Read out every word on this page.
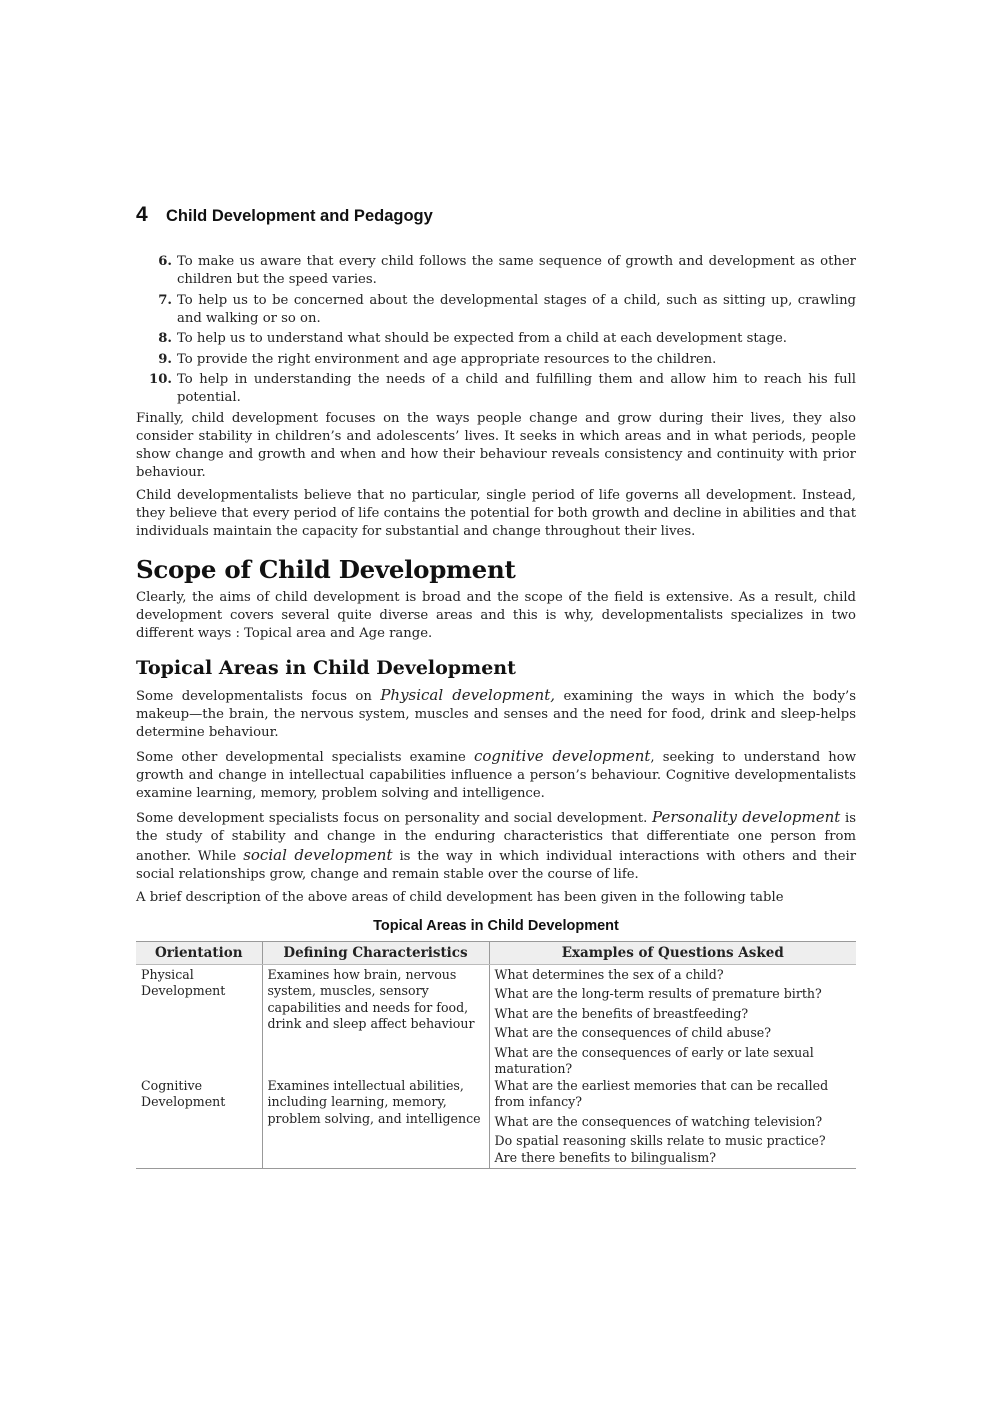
4	Child Development and Pedagogy
6. To make us aware that every child follows the same sequence of growth and development as other children but the speed varies.
7. To help us to be concerned about the developmental stages of a child, such as sitting up, crawling and walking or so on.
8. To help us to understand what should be expected from a child at each development stage.
9. To provide the right environment and age appropriate resources to the children.
10. To help in understanding the needs of a child and fulfilling them and allow him to reach his full potential.

Finally, child development focuses on the ways people change and grow during their lives, they also consider stability in children’s and adolescents’ lives. It seeks in which areas and in what periods, people show change and growth and when and how their behaviour reveals consistency and continuity with prior behaviour.

Child developmentalists believe that no particular, single period of life governs all development. Instead, they believe that every period of life contains the potential for both growth and decline in abilities and that individuals maintain the capacity for substantial and change throughout their lives.

Scope of Child Development

Clearly, the aims of child development is broad and the scope of the field is extensive. As a result, child development covers several quite diverse areas and this is why, developmentalists specializes in two different ways : Topical area and Age range.

Topical Areas in Child Development

Some developmentalists focus on Physical development, examining the ways in which the body’s makeup—the brain, the nervous system, muscles and senses and the need for food, drink and sleep-helps determine behaviour.

Some other developmental specialists examine cognitive development, seeking to understand how growth and change in intellectual capabilities influence a person’s behaviour. Cognitive developmentalists examine learning, memory, problem solving and intelligence.

Some development specialists focus on personality and social development. Personality development is the study of stability and change in the enduring characteristics that differentiate one person from another. While social development is the way in which individual interactions with others and their social relationships grow, change and remain stable over the course of life.

A brief description of the above areas of child development has been given in the following table

Topical Areas in Child Development
Orientation	Defining Characteristics	Examples of Questions Asked
Physical Development	Examines how brain, nervous system, muscles, sensory capabilities and needs for food, drink and sleep affect behaviour	What determines the sex of a child?
What are the long-term results of premature birth?
What are the benefits of breastfeeding?
What are the consequences of child abuse?
What are the consequences of early or late sexual maturation?

Cognitive Development	Examines intellectual abilities, including learning, memory, problem solving, and intelligence	What are the earliest memories that can be recalled from infancy?
What are the consequences of watching television?
Do spatial reasoning skills relate to music practice? Are there benefits to bilingualism?
